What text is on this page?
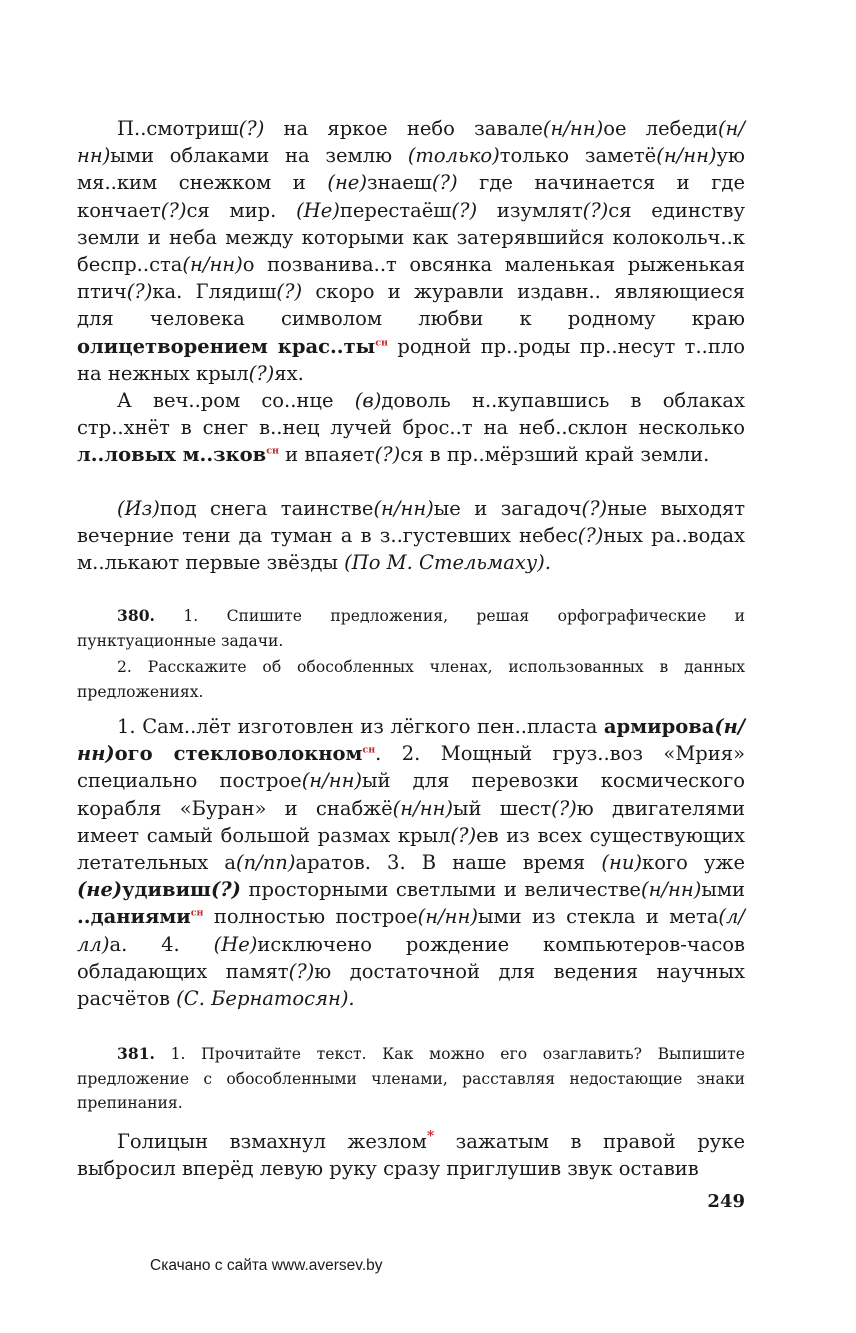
П..смотриш(?) на яркое небо завале(н/нн)ое лебеди(н/нн)ыми облаками на землю (только)только заметё(н/нн)ую мя..ким снежком и (не)знаеш(?) где начинается и где кончает(?)ся мир. (Не)перестаёш(?) изумлят(?)ся единству земли и неба между которыми как затерявшийся колокольч..к беспр..ста(н/нн)о позванива..т овсянка маленькая рыженькая птич(?)ка. Глядиш(?) скоро и журавли издавн.. являющиеся для человека символом любви к родному краю олицетворением $крас..ты^{сн}$ родной пр..роды пр..несут т..пло на нежных крыл(?)ях.

А веч..ром со..нце (в)доволь н..купавшись в облаках стр..хнёт в снег в..нец лучей брос..т на неб..склон несколько л..ловых м..зков$^{сн}$ и впаяет(?)ся в пр..мёрзший край земли.

(Из)под снега таинстве(н/нн)ые и загадоч(?)ные выходят вечерние тени да туман а в з..густевших небес(?)ных ра..водах м..лькают первые звёзды (По М. Стельмаху).

380. 1. Спишите предложения, решая орфографические и пунктуационные задачи.

2. Расскажите об обособленных членах, использованных в данных предложениях.

1. Сам..лёт изготовлен из лёгкого пен..пласта армирова(н/нн)ого стекловолокном$^{сн}$. 2. Мощный груз..воз «Мрия» специально построе(н/нн)ый для перевозки космического корабля «Буран» и снабжё(н/нн)ый шест(?)ю двигателями имеет самый большой размах крыл(?)ев из всех существующих летательных а(п/пп)аратов. 3. В наше время (ни)кого уже (не)удивиш(?) просторными светлыми и величестве(н/нн)ыми ..даниями$^{сн}$ полностью построе(н/нн)ыми из стекла и мета(л/лл)а. 4. (Не)исключено рождение компьютеров-часов обладающих памят(?)ю достаточной для ведения научных расчётов (С. Бернатосян).

381. 1. Прочитайте текст. Как можно его озаглавить? Выпишите предложение с обособленными членами, расставляя недостающие знаки препинания.

Голицын взмахнул жезлом* зажатым в правой руке выбросил вперёд левую руку сразу приглушив звук оставив

249
Скачано с сайта www.aversev.by
